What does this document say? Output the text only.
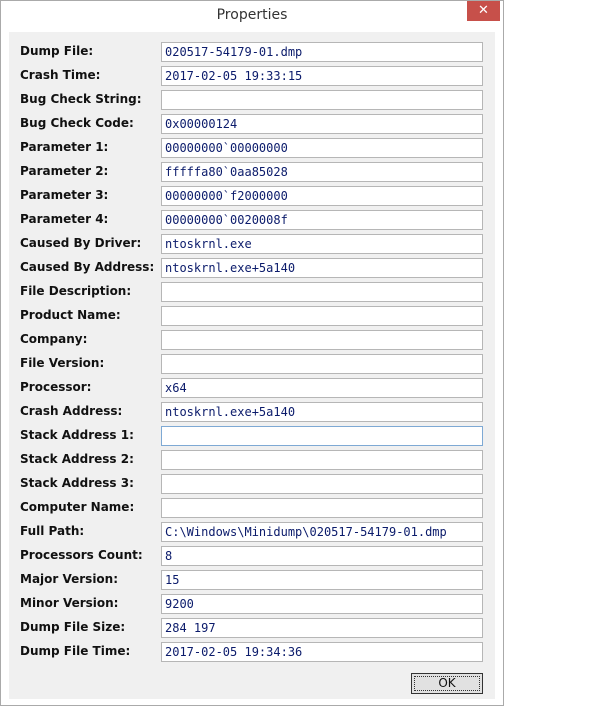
Properties	✕
OK
Dump File:	020517-54179-01.dmp
Crash Time:	2017-02-05 19:33:15
Bug Check String:
Bug Check Code:	0x00000124
Parameter 1:	00000000`00000000
Parameter 2:	fffffa80`0aa85028
Parameter 3:	00000000`f2000000
Parameter 4:	00000000`0020008f
Caused By Driver:	ntoskrnl.exe
Caused By Address: ntoskrnl.exe+5a140
File Description:
Product Name:
Company:
File Version:
Processor:	x64
Crash Address:	ntoskrnl.exe+5a140
Stack Address 1:
Stack Address 2:
Stack Address 3:
Computer Name:
Full Path:	C:\Windows\Minidump\020517-54179-01.dmp
Processors Count:	8
Major Version:	15
Minor Version:	9200
Dump File Size:	284 197
Dump File Time:	2017-02-05 19:34:36
